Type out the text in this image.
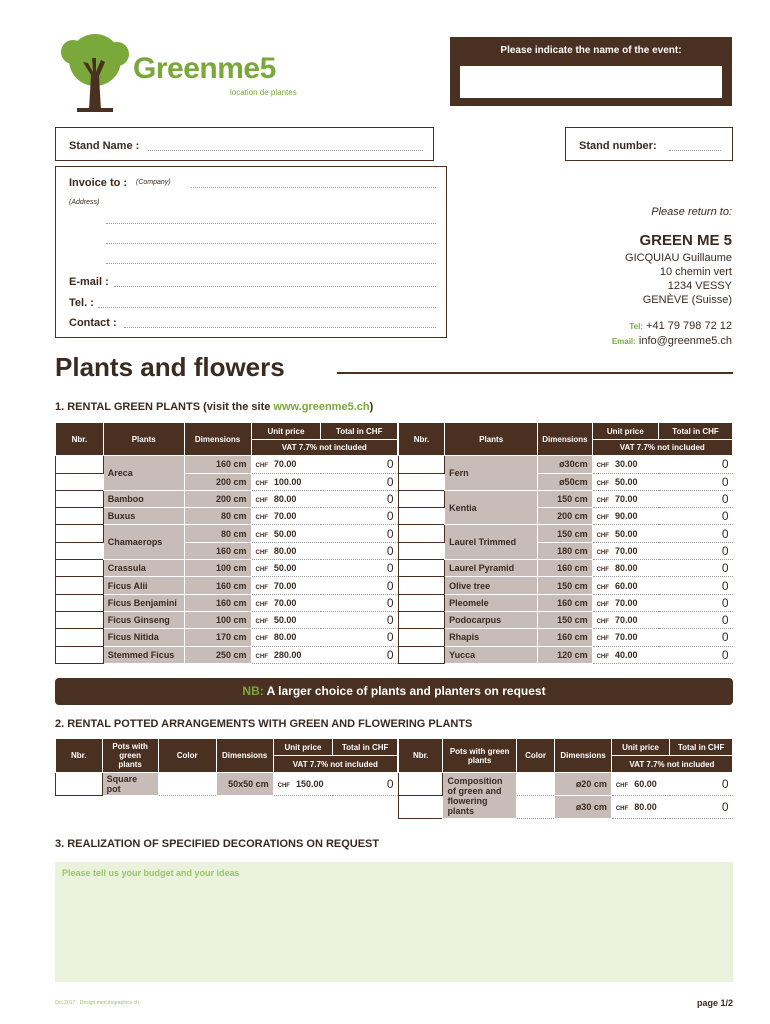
Greenme5
location de plantes
Please indicate the name of the event:
Stand Name :	Stand number:
Invoice to : (Company)
(Address)
E-mail :
Tel. :
Contact :
Please return to:
GREEN ME 5
GICQUIAU Guillaume
10 chemin vert
1234 VESSY
GENÈVE (Suisse)
Tel: +41 79 798 72 12
Email: info@greenme5.ch
Plants and flowers
1. RENTAL GREEN PLANTS (visit the site www.greenme5.ch)
Nbr.	Plants	Dimensions	Unit price	Total in CHF
			VAT 7.7% not included	
	Areca	160 cm	CHF 70.00	0
		200 cm	CHF 100.00	0
	Bamboo	200 cm	CHF 80.00	0
	Buxus	80 cm	CHF 70.00	0
	Chamaerops	80 cm	CHF 50.00	0
		160 cm	CHF 80.00	0
	Crassula	100 cm	CHF 50.00	0
	Ficus Alii	160 cm	CHF 70.00	0
	Ficus Benjamini	160 cm	CHF 70.00	0
	Ficus Ginseng	100 cm	CHF 50.00	0
	Ficus Nitida	170 cm	CHF 80.00	0
	Stemmed Ficus	250 cm	CHF 280.00	0
Nbr.	Plants	Dimensions	Unit price	Total in CHF
			VAT 7.7% not included	
	Fern	ø30cm	CHF 30.00	0
		ø50cm	CHF 50.00	0
	Kentia	150 cm	CHF 70.00	0
		200 cm	CHF 90.00	0
	Laurel Trimmed	150 cm	CHF 50.00	0
		180 cm	CHF 70.00	0
	Laurel Pyramid	160 cm	CHF 80.00	0
	Olive tree	150 cm	CHF 60.00	0
	Pleomele	160 cm	CHF 70.00	0
	Podocarpus	150 cm	CHF 70.00	0
	Rhapis	160 cm	CHF 70.00	0
	Yucca	120 cm	CHF 40.00	0
NB: A larger choice of plants and planters on request
2. RENTAL POTTED ARRANGEMENTS WITH GREEN AND FLOWERING PLANTS
Nbr.	Pots with green plants	Color	Dimensions	Unit price	Total in CHF
				VAT 7.7% not included	
	Square pot		50x50 cm	CHF 150.00	0
Nbr.	Pots with green plants	Color	Dimensions	Unit price	Total in CHF
				VAT 7.7% not included	
	Composition of green and flowering plants		ø20 cm	CHF 60.00	0
			ø30 cm	CHF 80.00	0
3. REALIZATION OF SPECIFIED DECORATIONS ON REQUEST
Please tell us your budget and your ideas
Oct 2017 · Design mercéographics.ch	page 1/2
